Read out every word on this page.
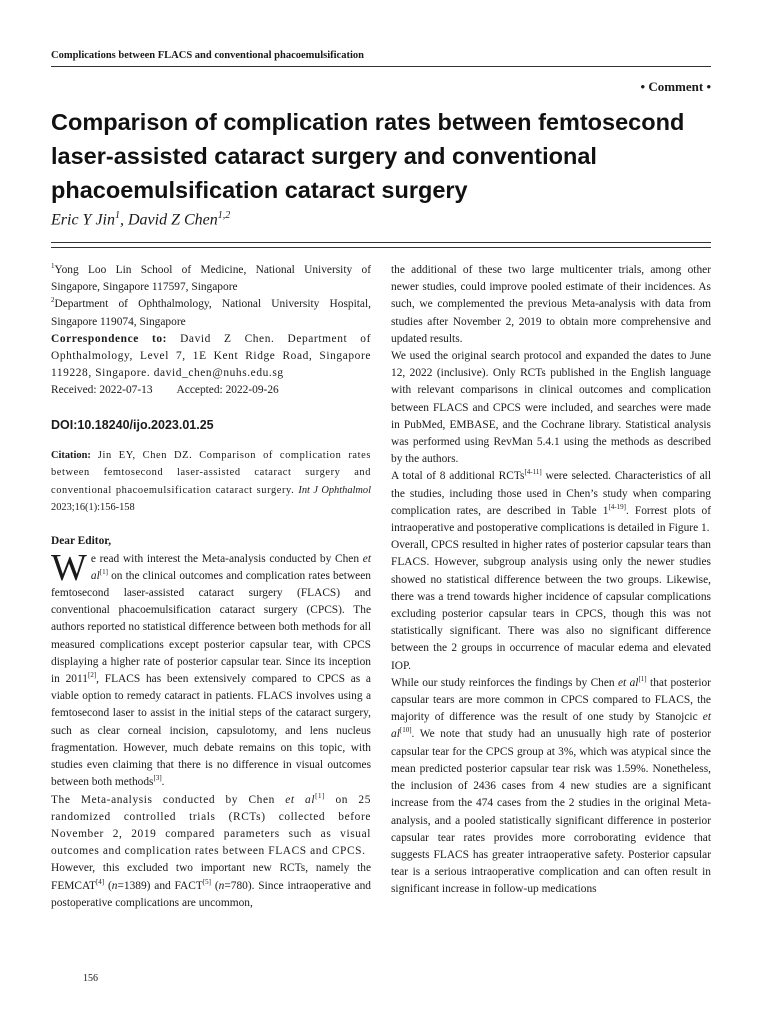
Complications between FLACS and conventional phacoemulsification
• Comment •
Comparison of complication rates between femtosecond laser-assisted cataract surgery and conventional phacoemulsification cataract surgery
Eric Y Jin$^1$, David Z Chen$^{1,2}$

$^1$Yong Loo Lin School of Medicine, National University of Singapore, Singapore 117597, Singapore

$^2$Department of Ophthalmology, National University Hospital, Singapore 119074, Singapore

Correspondence to: David Z Chen. Department of Ophthalmology, Level 7, 1E Kent Ridge Road, Singapore 119228, Singapore. david_chen@nuhs.edu.sg

Received: 2022-07-13 Accepted: 2022-09-26

DOI:10.18240/ijo.2023.01.25

Citation: Jin EY, Chen DZ. Comparison of complication rates between femtosecond laser-assisted cataract surgery and conventional phacoemulsification cataract surgery. Int J Ophthalmol 2023;16(1):156-158

Dear Editor,

We read with interest the Meta-analysis conducted by Chen et al[1] on the clinical outcomes and complication rates between femtosecond laser-assisted cataract surgery (FLACS) and conventional phacoemulsification cataract surgery (CPCS). The authors reported no statistical difference between both methods for all measured complications except posterior capsular tear, with CPCS displaying a higher rate of posterior capsular tear. Since its inception in 2011[2], FLACS has been extensively compared to CPCS as a viable option to remedy cataract in patients. FLACS involves using a femtosecond laser to assist in the initial steps of the cataract surgery, such as clear corneal incision, capsulotomy, and lens nucleus fragmentation. However, much debate remains on this topic, with studies even claiming that there is no difference in visual outcomes between both methods[3].

The Meta-analysis conducted by Chen et al[1] on 25 randomized controlled trials (RCTs) collected before November 2, 2019 compared parameters such as visual outcomes and complication rates between FLACS and CPCS.

However, this excluded two important new RCTs, namely the FEMCAT[4] (n=1389) and FACT[5] (n=780). Since intraoperative and postoperative complications are uncommon,

the additional of these two large multicenter trials, among other newer studies, could improve pooled estimate of their incidences. As such, we complemented the previous Meta-analysis with data from studies after November 2, 2019 to obtain more comprehensive and updated results.

We used the original search protocol and expanded the dates to June 12, 2022 (inclusive). Only RCTs published in the English language with relevant comparisons in clinical outcomes and complication between FLACS and CPCS were included, and searches were made in PubMed, EMBASE, and the Cochrane library. Statistical analysis was performed using RevMan 5.4.1 using the methods as described by the authors.

A total of 8 additional RCTs[4-11] were selected. Characteristics of all the studies, including those used in Chen’s study when comparing complication rates, are described in Table 1[4-19]. Forrest plots of intraoperative and postoperative complications is detailed in Figure 1.

Overall, CPCS resulted in higher rates of posterior capsular tears than FLACS. However, subgroup analysis using only the newer studies showed no statistical difference between the two groups. Likewise, there was a trend towards higher incidence of capsular complications excluding posterior capsular tears in CPCS, though this was not statistically significant. There was also no significant difference between the 2 groups in occurrence of macular edema and elevated IOP.

While our study reinforces the findings by Chen et al[1] that posterior capsular tears are more common in CPCS compared to FLACS, the majority of difference was the result of one study by Stanojcic et al[10]. We note that study had an unusually high rate of posterior capsular tear for the CPCS group at 3%, which was atypical since the mean predicted posterior capsular tear risk was 1.59%. Nonetheless, the inclusion of 2436 cases from 4 new studies are a significant increase from the 474 cases from the 2 studies in the original Meta-analysis, and a pooled statistically significant difference in posterior capsular tear rates provides more corroborating evidence that suggests FLACS has greater intraoperative safety. Posterior capsular tear is a serious intraoperative complication and can often result in significant increase in follow-up medications

156
